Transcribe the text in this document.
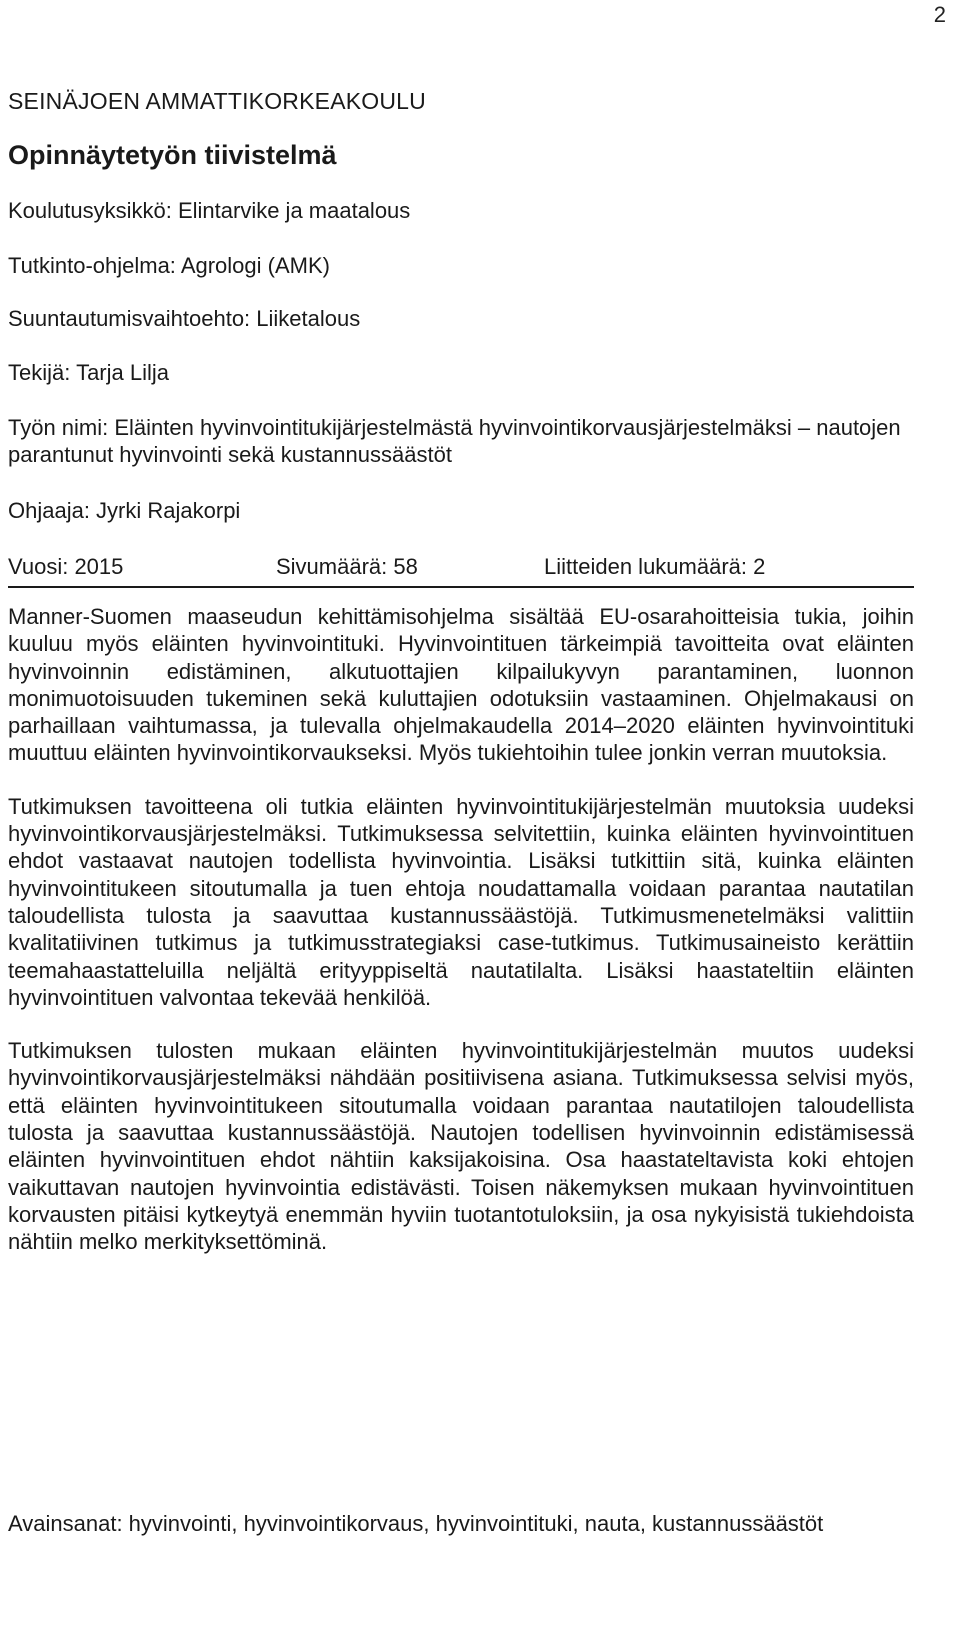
2

SEINÄJOEN AMMATTIKORKEAKOULU

Opinnäytetyön tiivistelmä

Koulutusyksikkö: Elintarvike ja maatalous

Tutkinto-ohjelma: Agrologi (AMK)

Suuntautumisvaihtoehto: Liiketalous

Tekijä: Tarja Lilja

Työn nimi: Eläinten hyvinvointitukijärjestelmästä hyvinvointikorvausjärjestelmäksi – nautojen parantunut hyvinvointi sekä kustannussäästöt

Ohjaaja: Jyrki Rajakorpi

Vuosi: 2015	Sivumäärä: 58	Liitteiden lukumäärä: 2

Manner-Suomen maaseudun kehittämisohjelma sisältää EU-osarahoitteisia tukia, joihin kuuluu myös eläinten hyvinvointituki. Hyvinvointituen tärkeimpiä tavoitteita ovat eläinten hyvinvoinnin edistäminen, alkutuottajien kilpailukyvyn parantaminen, luonnon monimuotoisuuden tukeminen sekä kuluttajien odotuksiin vastaaminen. Ohjelmakausi on parhaillaan vaihtumassa, ja tulevalla ohjelmakaudella 2014–2020 eläinten hyvinvointituki muuttuu eläinten hyvinvointikorvaukseksi. Myös tukiehtoihin tulee jonkin verran muutoksia.

Tutkimuksen tavoitteena oli tutkia eläinten hyvinvointitukijärjestelmän muutoksia uudeksi hyvinvointikorvausjärjestelmäksi. Tutkimuksessa selvitettiin, kuinka eläinten hyvinvointituen ehdot vastaavat nautojen todellista hyvinvointia. Lisäksi tutkittiin sitä, kuinka eläinten hyvinvointitukeen sitoutumalla ja tuen ehtoja noudattamalla voidaan parantaa nautatilan taloudellista tulosta ja saavuttaa kustannussäästöjä. Tutkimusmenetelmäksi valittiin kvalitatiivinen tutkimus ja tutkimusstrategiaksi case-tutkimus. Tutkimusaineisto kerättiin teemahaastatteluilla neljältä erityyppiseltä nautatilalta. Lisäksi haastateltiin eläinten hyvinvointituen valvontaa tekevää henkilöä.

Tutkimuksen tulosten mukaan eläinten hyvinvointitukijärjestelmän muutos uudeksi hyvinvointikorvausjärjestelmäksi nähdään positiivisena asiana. Tutkimuksessa selvisi myös, että eläinten hyvinvointitukeen sitoutumalla voidaan parantaa nautatilojen taloudellista tulosta ja saavuttaa kustannussäästöjä. Nautojen todellisen hyvinvoinnin edistämisessä eläinten hyvinvointituen ehdot nähtiin kaksijakoisina. Osa haastateltavista koki ehtojen vaikuttavan nautojen hyvinvointia edistävästi. Toisen näkemyksen mukaan hyvinvointituen korvausten pitäisi kytkeytyä enemmän hyviin tuotantotuloksiin, ja osa nykyisistä tukiehdoista nähtiin melko merkityksettöminä.

Avainsanat: hyvinvointi, hyvinvointikorvaus, hyvinvointituki, nauta, kustannussäästöt
